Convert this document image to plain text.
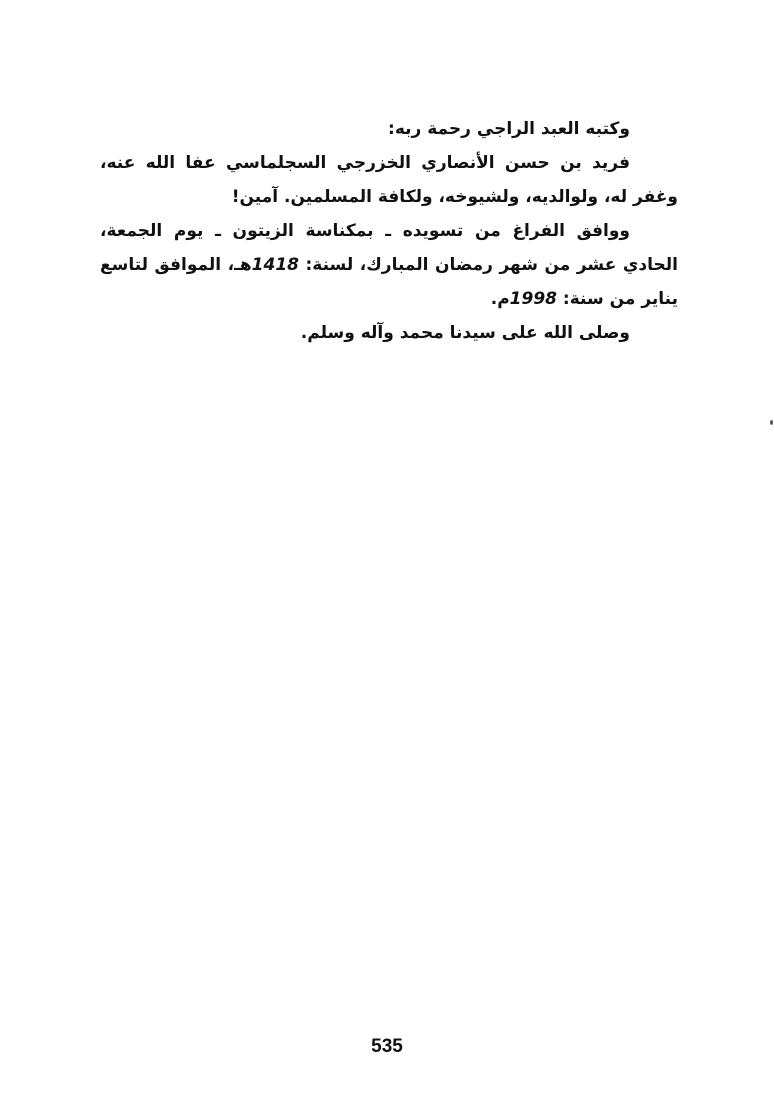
وكتبه العبد الراجي رحمة ربه:

فريد بن حسن الأنصاري الخزرجي السجلماسي عفا الله عنه، وغفر له، ولوالديه، ولشيوخه، ولكافة المسلمين. آمين!

ووافق الفراغ من تسويده ـ بمكناسة الزيتون ـ يوم الجمعة، الحادي عشر من شهر رمضان المبارك، لسنة: 1418هـ، الموافق لتاسع يناير من سنة: 1998م.

وصلى الله على سيدنا محمد وآله وسلم.

535
